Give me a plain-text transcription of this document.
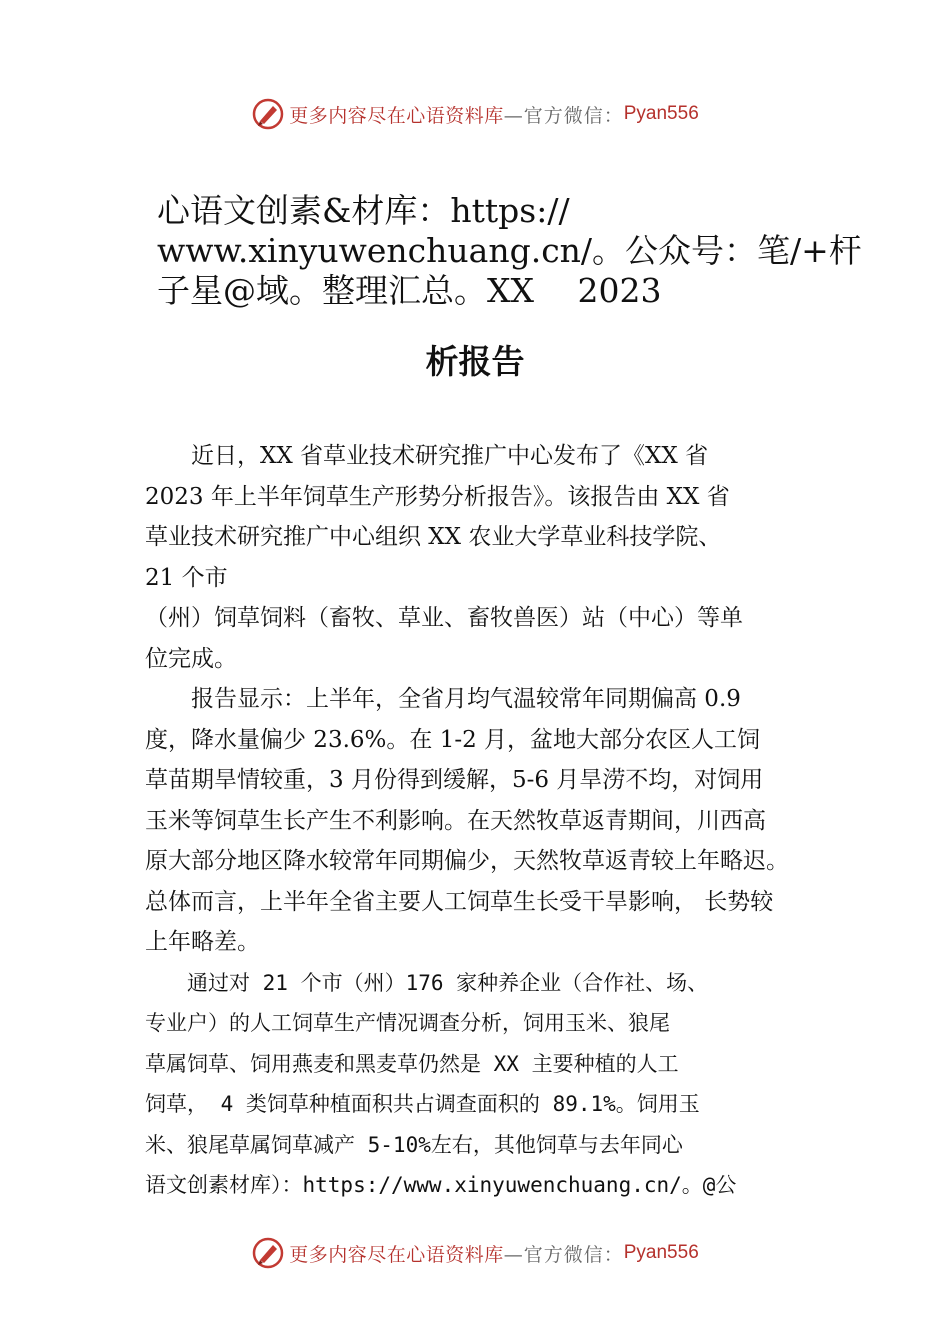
更多内容尽在心语资料库 —官方微信： Pyan556
心语文创素&材库：https://
www.xinyuwenchuang.cn/。公众号：笔/+杆
子星@域。整理汇总。XX　 2023
析报告
　　近日，XX 省草业技术研究推广中心发布了《XX 省
2023 年上半年饲草生产形势分析报告》。该报告由 XX 省
草业技术研究推广中心组织 XX 农业大学草业科技学院、
21 个市
（州）饲草饲料（畜牧、草业、畜牧兽医）站（中心）等单
位完成。
　　报告显示：上半年，全省月均气温较常年同期偏高 0.9
度，降水量偏少 23.6%。在 1-2 月，盆地大部分农区人工饲
草苗期旱情较重，3 月份得到缓解，5-6 月旱涝不均，对饲用
玉米等饲草生长产生不利影响。在天然牧草返青期间，川西高
原大部分地区降水较常年同期偏少，天然牧草返青较上年略迟。
总体而言，上半年全省主要人工饲草生长受干旱影响， 长势较
上年略差。
　　通过对 21 个市（州）176 家种养企业（合作社、场、
专业户）的人工饲草生产情况调查分析，饲用玉米、狼尾
草属饲草、饲用燕麦和黑麦草仍然是 XX 主要种植的人工
饲草， 4 类饲草种植面积共占调查面积的 89.1%。饲用玉
米、狼尾草属饲草减产 5-10%左右，其他饲草与去年同心
语文创素材库）：https://www.xinyuwenchuang.cn/。@公
更多内容尽在心语资料库 —官方微信： Pyan556
